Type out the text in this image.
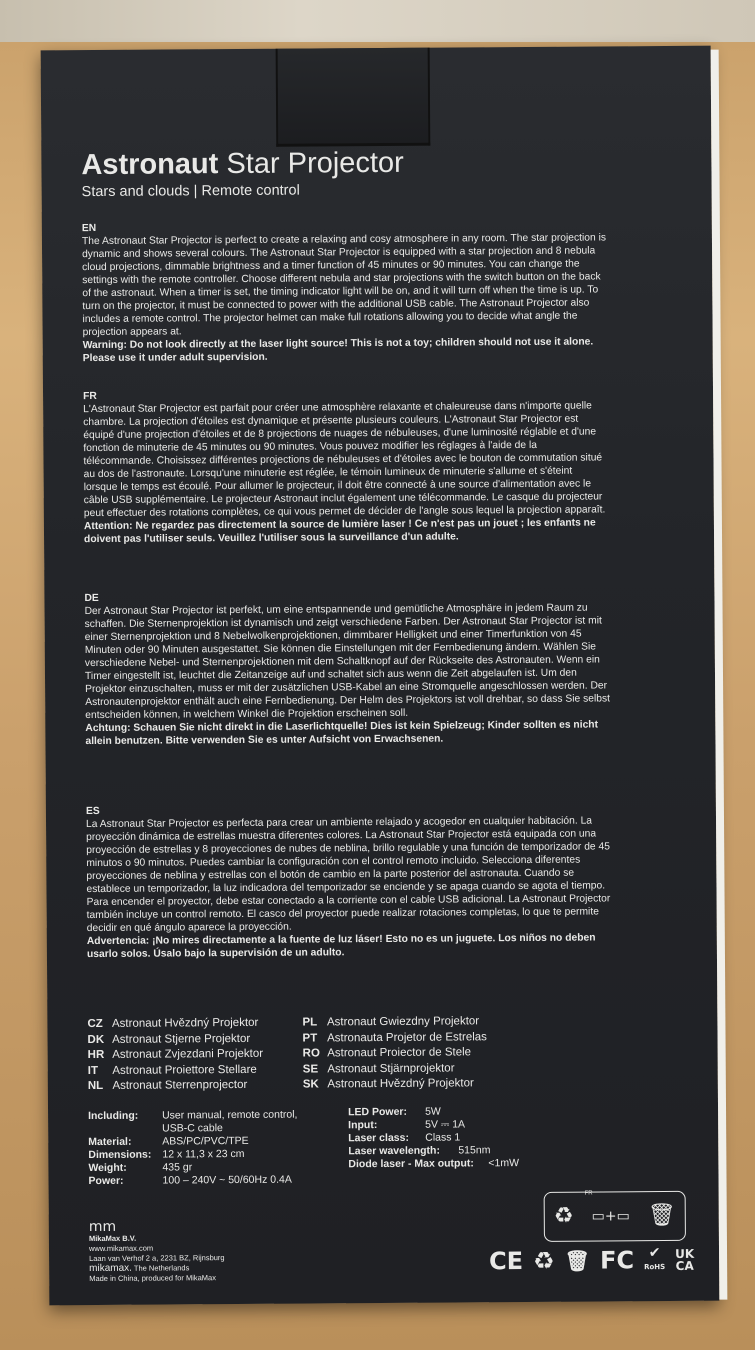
Astronaut Star Projector
Stars and clouds | Remote control
EN
The Astronaut Star Projector is perfect to create a relaxing and cosy atmosphere in any room. The star projection is dynamic and shows several colours. The Astronaut Star Projector is equipped with a star projection and 8 nebula cloud projections, dimmable brightness and a timer function of 45 minutes or 90 minutes. You can change the settings with the remote controller. Choose different nebula and star projections with the switch button on the back of the astronaut. When a timer is set, the timing indicator light will be on, and it will turn off when the time is up. To turn on the projector, it must be connected to power with the additional USB cable. The Astronaut Projector also includes a remote control. The projector helmet can make full rotations allowing you to decide what angle the projection appears at.
Warning: Do not look directly at the laser light source! This is not a toy; children should not use it alone. Please use it under adult supervision.
FR
L'Astronaut Star Projector est parfait pour créer une atmosphère relaxante et chaleureuse dans n'importe quelle chambre. La projection d'étoiles est dynamique et présente plusieurs couleurs. L'Astronaut Star Projector est équipé d'une projection d'étoiles et de 8 projections de nuages de nébuleuses, d'une luminosité réglable et d'une fonction de minuterie de 45 minutes ou 90 minutes. Vous pouvez modifier les réglages à l'aide de la télécommande. Choisissez différentes projections de nébuleuses et d'étoiles avec le bouton de commutation situé au dos de l'astronaute. Lorsqu'une minuterie est réglée, le témoin lumineux de minuterie s'allume et s'éteint lorsque le temps est écoulé. Pour allumer le projecteur, il doit être connecté à une source d'alimentation avec le câble USB supplémentaire. Le projecteur Astronaut inclut également une télécommande. Le casque du projecteur peut effectuer des rotations complètes, ce qui vous permet de décider de l'angle sous lequel la projection apparaît.
Attention: Ne regardez pas directement la source de lumière laser ! Ce n'est pas un jouet ; les enfants ne doivent pas l'utiliser seuls. Veuillez l'utiliser sous la surveillance d'un adulte.
DE
Der Astronaut Star Projector ist perfekt, um eine entspannende und gemütliche Atmosphäre in jedem Raum zu schaffen. Die Sternenprojektion ist dynamisch und zeigt verschiedene Farben. Der Astronaut Star Projector ist mit einer Sternenprojektion und 8 Nebelwolkenprojektionen, dimmbarer Helligkeit und einer Timerfunktion von 45 Minuten oder 90 Minuten ausgestattet. Sie können die Einstellungen mit der Fernbedienung ändern. Wählen Sie verschiedene Nebel- und Sternenprojektionen mit dem Schaltknopf auf der Rückseite des Astronauten. Wenn ein Timer eingestellt ist, leuchtet die Zeitanzeige auf und schaltet sich aus wenn die Zeit abgelaufen ist. Um den Projektor einzuschalten, muss er mit der zusätzlichen USB-Kabel an eine Stromquelle angeschlossen werden. Der Astronautenprojektor enthält auch eine Fernbedienung. Der Helm des Projektors ist voll drehbar, so dass Sie selbst entscheiden können, in welchem Winkel die Projektion erscheinen soll.
Achtung: Schauen Sie nicht direkt in die Laserlichtquelle! Dies ist kein Spielzeug; Kinder sollten es nicht allein benutzen. Bitte verwenden Sie es unter Aufsicht von Erwachsenen.
ES
La Astronaut Star Projector es perfecta para crear un ambiente relajado y acogedor en cualquier habitación. La proyección dinámica de estrellas muestra diferentes colores. La Astronaut Star Projector está equipada con una proyección de estrellas y 8 proyecciones de nubes de neblina, brillo regulable y una función de temporizador de 45 minutos o 90 minutos. Puedes cambiar la configuración con el control remoto incluido. Selecciona diferentes proyecciones de neblina y estrellas con el botón de cambio en la parte posterior del astronauta. Cuando se establece un temporizador, la luz indicadora del temporizador se enciende y se apaga cuando se agota el tiempo. Para encender el proyector, debe estar conectado a la corriente con el cable USB adicional. La Astronaut Projector también incluye un control remoto. El casco del proyector puede realizar rotaciones completas, lo que te permite decidir en qué ángulo aparece la proyección.
Advertencia: ¡No mires directamente a la fuente de luz láser! Esto no es un juguete. Los niños no deben usarlo solos. Úsalo bajo la supervisión de un adulto.
CZ Astronaut Hvězdný Projektor
DK Astronaut Stjerne Projektor
HR Astronaut Zvjezdani Projektor
IT Astronaut Proiettore Stellare
NL Astronaut Sterrenprojector
PL Astronaut Gwiezdny Projektor
PT Astronauta Projetor de Estrelas
RO Astronaut Proiector de Stele
SE Astronaut Stjärnprojektor
SK Astronaut Hvězdný Projektor
Including:	User manual, remote control, USB-C cable
Material:	ABS/PC/PVC/TPE
Dimensions:	12 x 11,3 x 23 cm
Weight:	435 gr
Power:	100 – 240V ~ 50/60Hz 0.4A
LED Power:	5W
Input:	5V ⎓ 1A
Laser class:	Class 1
Laser wavelength:	515nm
Diode laser - Max output:	<1mW
mm
MikaMax B.V.
www.mikamax.com
Laan van Verhof 2 a, 2231 BZ, Rijnsburg
mikamax. The Netherlands
Made in China, produced for MikaMax
FR
♻ ▭+▭ 🗑
CE ♻ 🗑 FC	✔
RoHS
UK
CA
